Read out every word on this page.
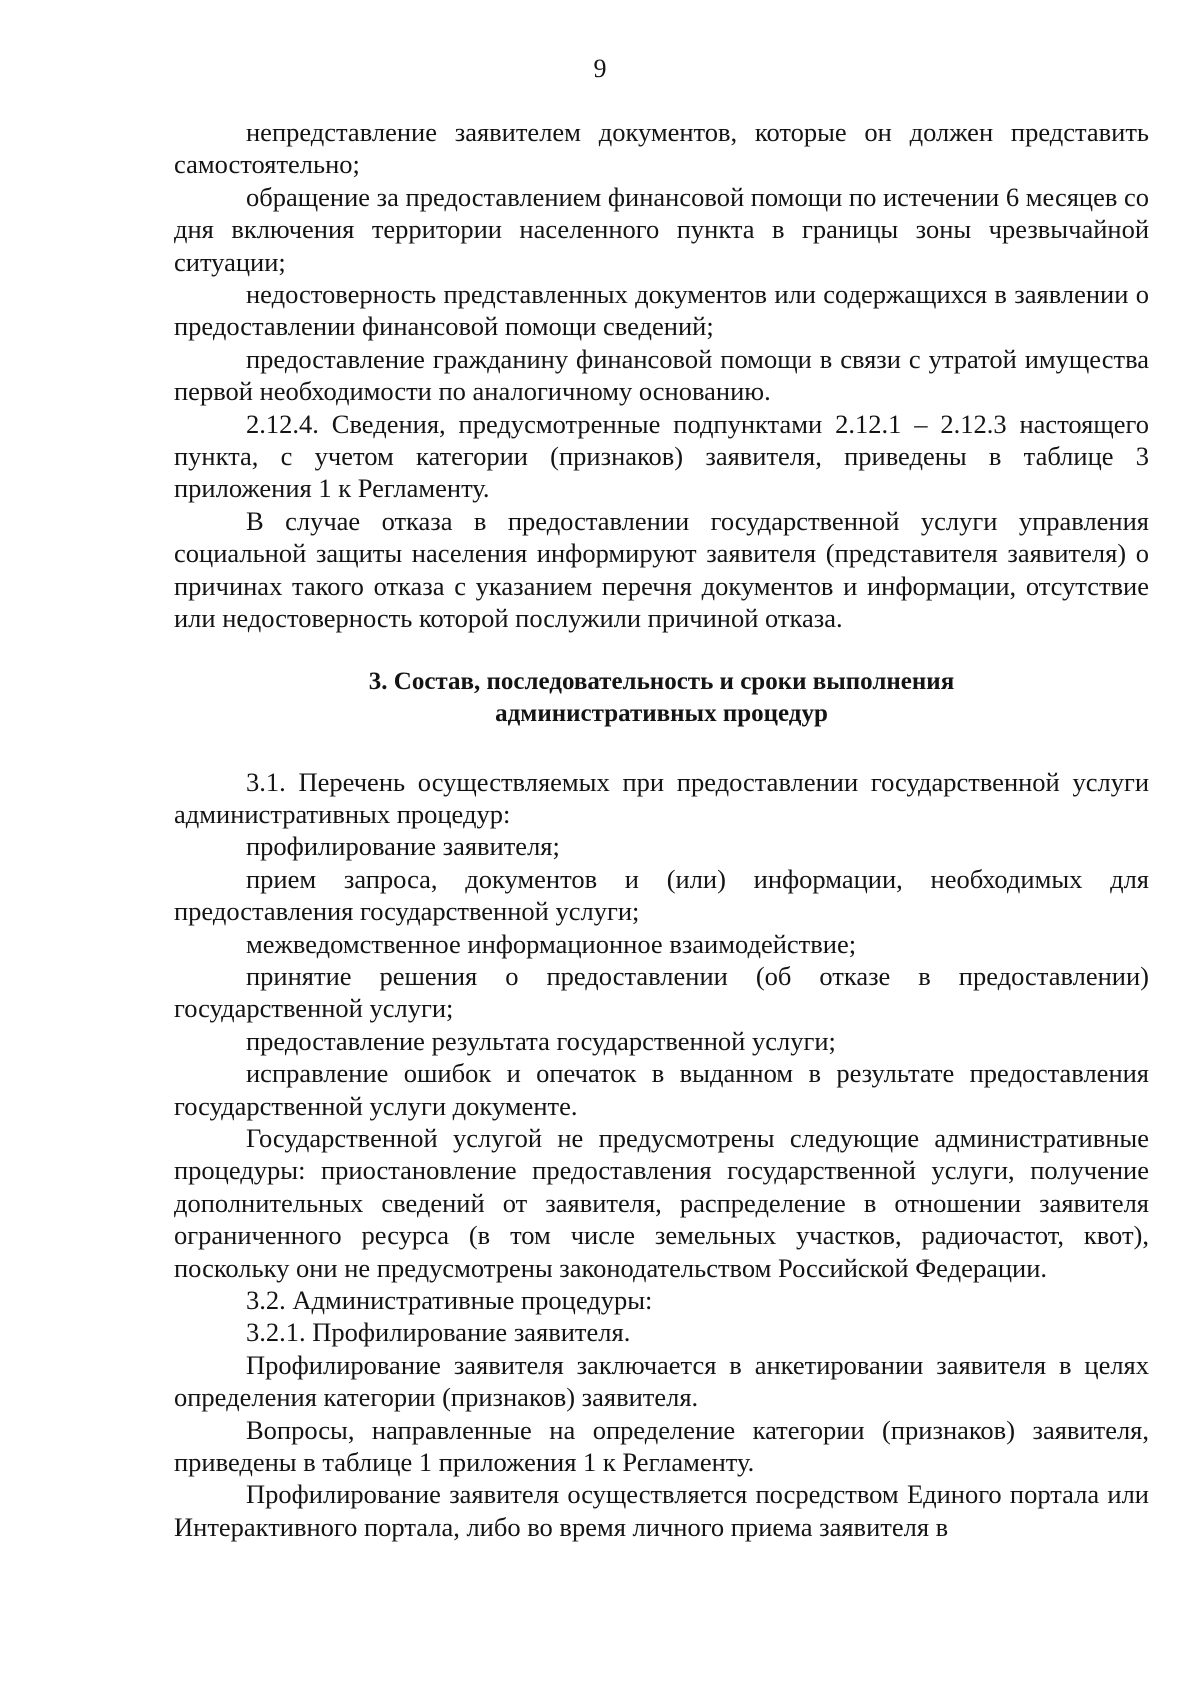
9

непредставление заявителем документов, которые он должен представить самостоятельно;

обращение за предоставлением финансовой помощи по истечении 6 месяцев со дня включения территории населенного пункта в границы зоны чрезвычайной ситуации;

недостоверность представленных документов или содержащихся в заявлении о предоставлении финансовой помощи сведений;

предоставление гражданину финансовой помощи в связи с утратой имущества первой необходимости по аналогичному основанию.

2.12.4. Сведения, предусмотренные подпунктами 2.12.1 – 2.12.3 настоящего пункта, с учетом категории (признаков) заявителя, приведены в таблице 3 приложения 1 к Регламенту.

В случае отказа в предоставлении государственной услуги управления социальной защиты населения информируют заявителя (представителя заявителя) о причинах такого отказа с указанием перечня документов и информации, отсутствие или недостоверность которой послужили причиной отказа.

3. Состав, последовательность и сроки выполнения
административных процедур

3.1. Перечень осуществляемых при предоставлении государственной услуги административных процедур:

профилирование заявителя;

прием запроса, документов и (или) информации, необходимых для предоставления государственной услуги;

межведомственное информационное взаимодействие;

принятие решения о предоставлении (об отказе в предоставлении) государственной услуги;

предоставление результата государственной услуги;

исправление ошибок и опечаток в выданном в результате предоставления государственной услуги документе.

Государственной услугой не предусмотрены следующие административные процедуры: приостановление предоставления государственной услуги, получение дополнительных сведений от заявителя, распределение в отношении заявителя ограниченного ресурса (в том числе земельных участков, радиочастот, квот), поскольку они не предусмотрены законодательством Российской Федерации.

3.2. Административные процедуры:

3.2.1. Профилирование заявителя.

Профилирование заявителя заключается в анкетировании заявителя в целях определения категории (признаков) заявителя.

Вопросы, направленные на определение категории (признаков) заявителя, приведены в таблице 1 приложения 1 к Регламенту.

Профилирование заявителя осуществляется посредством Единого портала или Интерактивного портала, либо во время личного приема заявителя в
